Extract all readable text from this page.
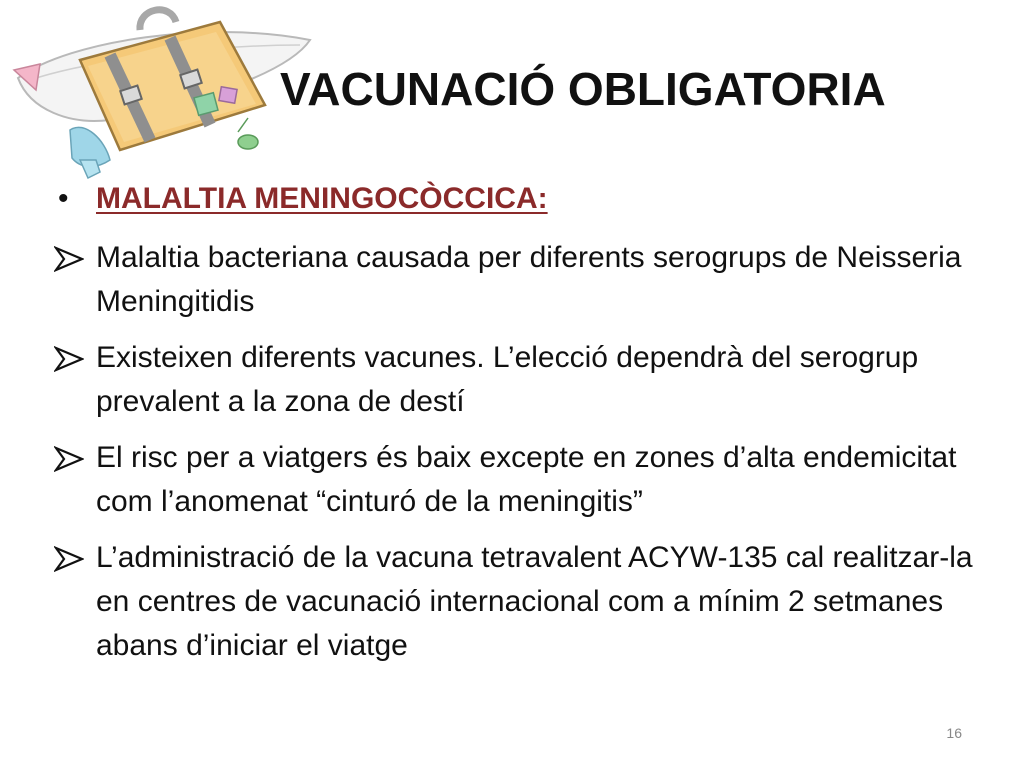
VACUNACIÓ OBLIGATORIA
• MALALTIA MENINGOCÒCCICA:
Malaltia bacteriana causada per diferents serogrups de Neisseria Meningitidis
Existeixen diferents vacunes. L’elecció dependrà del serogrup prevalent a la zona de destí
El risc per a viatgers és baix excepte en zones d’alta endemicitat com l’anomenat “cinturó de la meningitis”
L’administració de la vacuna tetravalent ACYW-135 cal realitzar-la en centres de vacunació internacional com a mínim 2 setmanes abans d’iniciar el viatge
16
